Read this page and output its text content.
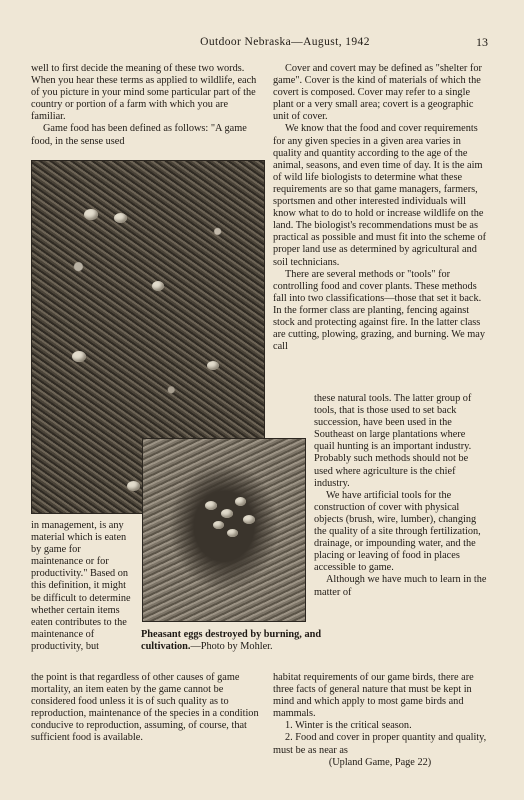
Outdoor Nebraska—August, 1942	13

well to first decide the meaning of these two words. When you hear these terms as applied to wildlife, each of you picture in your mind some particular part of the country or portion of a farm with which you are familiar.

Game food has been defined as follows: "A game food, in the sense used

in management, is any material which is eaten by game for maintenance or for productivity." Based on this definition, it might be difficult to determine whether certain items eaten contributes to the maintenance of productivity, but

Pheasant eggs destroyed by burning, and cultivation.—Photo by Mohler.

the point is that regardless of other causes of game mortality, an item eaten by the game cannot be considered food unless it is of such quality as to reproduction, maintenance of the species in a condition conducive to reproduction, assuming, of course, that sufficient food is available.

Cover and covert may be defined as "shelter for game". Cover is the kind of materials of which the covert is composed. Cover may refer to a single plant or a very small area; covert is a geographic unit of cover.

We know that the food and cover requirements for any given species in a given area varies in quality and quantity according to the age of the animal, seasons, and even time of day. It is the aim of wild life biologists to determine what these requirements are so that game managers, farmers, sportsmen and other interested individuals will know what to do to hold or increase wildlife on the land. The biologist's recommendations must be as practical as possible and must fit into the scheme of proper land use as determined by agricultural and soil technicians.

There are several methods or "tools" for controlling food and cover plants. These methods fall into two classifications—those that set it back. In the former class are planting, fencing against stock and protecting against fire. In the latter class are cutting, plowing, grazing, and burning. We may call

these natural tools. The latter group of tools, that is those used to set back succession, have been used in the Southeast on large plantations where quail hunting is an important industry. Probably such methods should not be used where agriculture is the chief industry.

We have artificial tools for the construction of cover with physical objects (brush, wire, lumber), changing the quality of a site through fertilization, drainage, or impounding water, and the placing or leaving of food in places accessible to game.

Although we have much to learn in the matter of

habitat requirements of our game birds, there are three facts of general nature that must be kept in mind and which apply to most game birds and mammals.

1. Winter is the critical season.

2. Food and cover in proper quantity and quality, must be as near as

(Upland Game, Page 22)
